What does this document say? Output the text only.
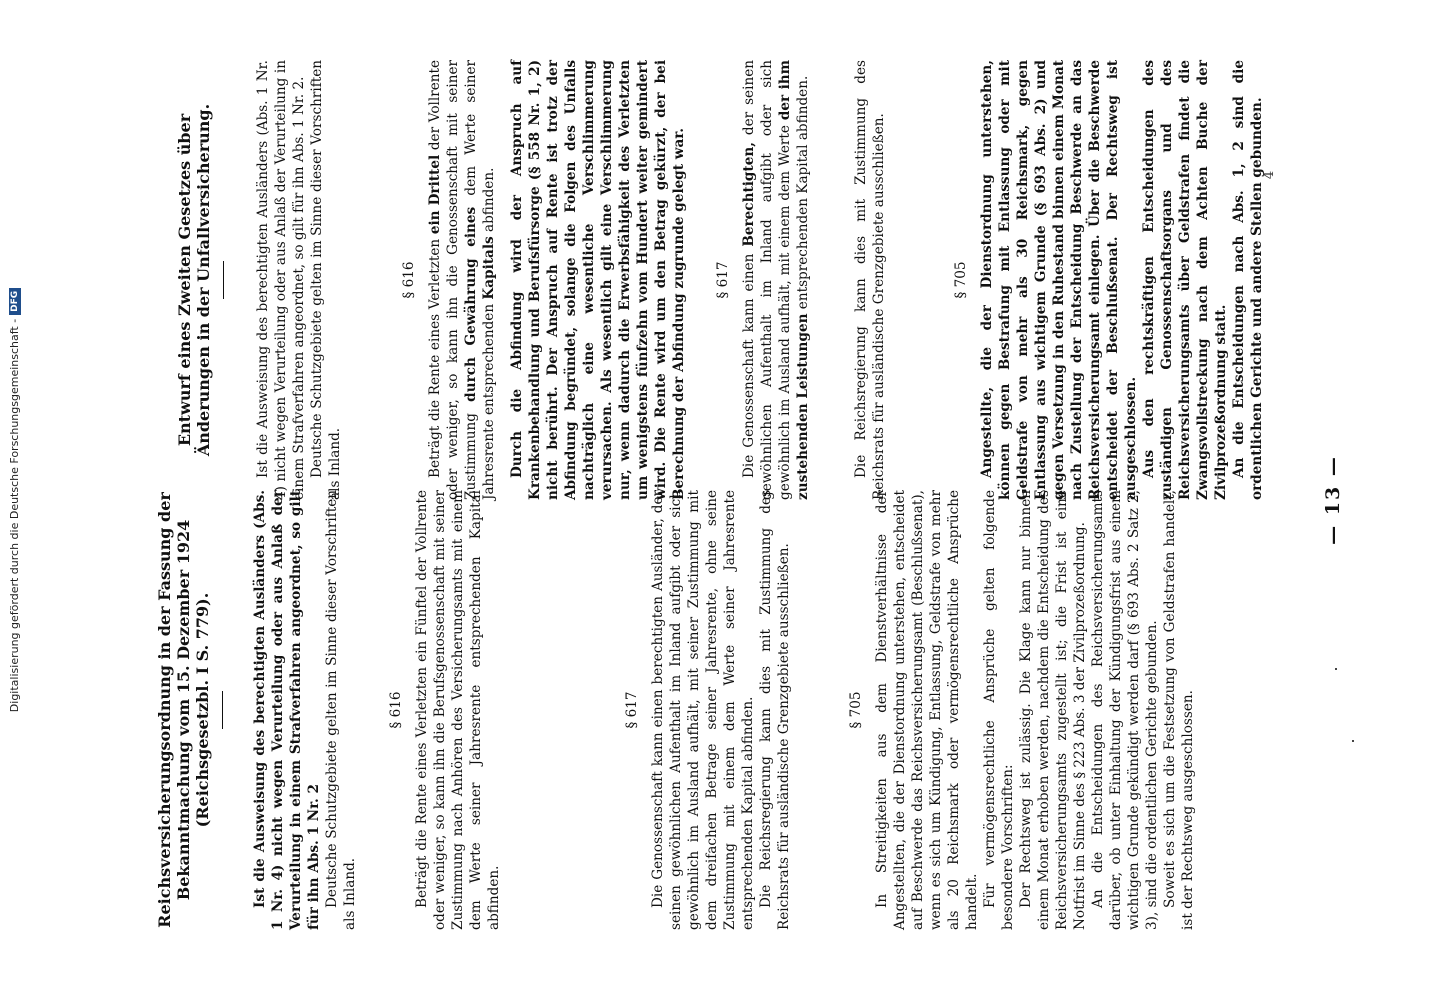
Digitalisierung gefördert durch die Deutsche Forschungsgemeinschaft -DFG
— 13 —
Reichsversicherungsordnung in der Fassung der Bekanntmachung vom 15. Dezember 1924 (Reichsgesetzbl. I S. 779).	Ist die Ausweisung des berechtigten Ausländers (Abs. 1 Nr. 4) nicht wegen Verurteilung oder aus Anlaß der Verurteilung in einem Strafverfahren angeordnet, so gilt für ihn Abs. 1 Nr. 2 Deutsche Schutzgebiete gelten im Sinne dieser Vorschriften als Inland.

§ 616 Beträgt die Rente eines Verletzten ein Fünftel der Vollrente oder weniger, so kann ihn die Berufsgenossenschaft mit seiner Zustimmung nach Anhören des Versicherungsamts mit einem dem Werte seiner Jahresrente entsprechenden Kapital abfinden.

§ 617 Die Genossenschaft kann einen berechtigten Ausländer, der seinen gewöhnlichen Aufenthalt im Inland aufgibt oder sich gewöhnlich im Ausland aufhält, mit seiner Zustimmung mit dem dreifachen Betrage seiner Jahresrente, ohne seine Zustimmung mit einem dem Werte seiner Jahresrente entsprechenden Kapital abfinden. Die Reichsregierung kann dies mit Zustimmung des Reichsrats für ausländische Grenzgebiete ausschließen.	§ 705 In Streitigkeiten aus dem Dienstverhältnisse der Angestellten, die der Dienstordnung unterstehen, entscheidet auf Beschwerde das Reichsversicherungsamt (Beschlußsenat), wenn es sich um Kündigung, Entlassung, Geldstrafe von mehr als 20 Reichsmark oder vermögensrechtliche Ansprüche handelt. Für vermögensrechtliche Ansprüche gelten folgende besondere Vorschriften: Der Rechtsweg ist zulässig. Die Klage kann nur binnen einem Monat erhoben werden, nachdem die Entscheidung des Reichsversicherungsamts zugestellt ist; die Frist ist eine Notfrist im Sinne des § 223 Abs. 3 der Zivilprozeßordnung. An die Entscheidungen des Reichsversicherungsamts darüber, ob unter Einhaltung der Kündigungsfrist aus einem wichtigen Grunde gekündigt werden darf (§ 693 Abs. 2 Satz 2, 3), sind die ordentlichen Gerichte gebunden. Soweit es sich um die Festsetzung von Geldstrafen handelt, ist der Rechtsweg ausgeschlossen.

Entwurf eines Zweiten Gesetzes über Änderungen in der Unfallversicherung.	Ist die Ausweisung des berechtigten Ausländers (Abs. 1 Nr. 4) nicht wegen Verurteilung oder aus Anlaß der Verurteilung in einem Strafverfahren angeordnet, so gilt für ihn Abs. 1 Nr. 2. Deutsche Schutzgebiete gelten im Sinne dieser Vorschriften als Inland.

§ 616 Beträgt die Rente eines Verletzten ein Drittel der Vollrente oder weniger, so kann ihn die Genossenschaft mit seiner Zustimmung durch Gewährung eines dem Werte seiner Jahresrente entsprechenden Kapitals abfinden. Durch die Abfindung wird der Anspruch auf Krankenbehandlung und Berufsfürsorge (§ 558 Nr. 1, 2) nicht berührt. Der Anspruch auf Rente ist trotz der Abfindung begründet, solange die Folgen des Unfalls nachträglich eine wesentliche Verschlimmerung verursachen. Als wesentlich gilt eine Verschlimmerung nur, wenn dadurch die Erwerbsfähigkeit des Verletzten um wenigstens fünfzehn vom Hundert weiter gemindert wird. Die Rente wird um den Betrag gekürzt, der bei Berechnung der Abfindung zugrunde gelegt war. § 617 Die Genossenschaft kann einen Berechtigten, der seinen gewöhnlichen Aufenthalt im Inland aufgibt oder sich gewöhnlich im Ausland aufhält, mit einem dem Werte der ihm zustehenden Leistungen entsprechenden Kapital abfinden.	Die Reichsregierung kann dies mit Zustimmung des Reichsrats für ausländische Grenzgebiete ausschließen.	§ 705 Angestellte, die der Dienstordnung unterstehen, können gegen Bestrafung mit Entlassung oder mit Geldstrafe von mehr als 30 Reichsmark, gegen Entlassung aus wichtigem Grunde (§ 693 Abs. 2) und gegen Versetzung in den Ruhestand binnen einem Monat nach Zustellung der Entscheidung Beschwerde an das Reichsversicherungsamt einlegen. Über die Beschwerde entscheidet der Beschlußsenat. Der Rechtsweg ist ausgeschlossen. Aus den rechtskräftigen Entscheidungen des zuständigen Genossenschaftsorgans und des Reichsversicherungsamts über Geldstrafen findet die Zwangsvollstreckung nach dem Achten Buche der Zivilprozeßordnung statt. An die Entscheidungen nach Abs. 1, 2 sind die ordentlichen Gerichte und andere Stellen gebunden.

4
